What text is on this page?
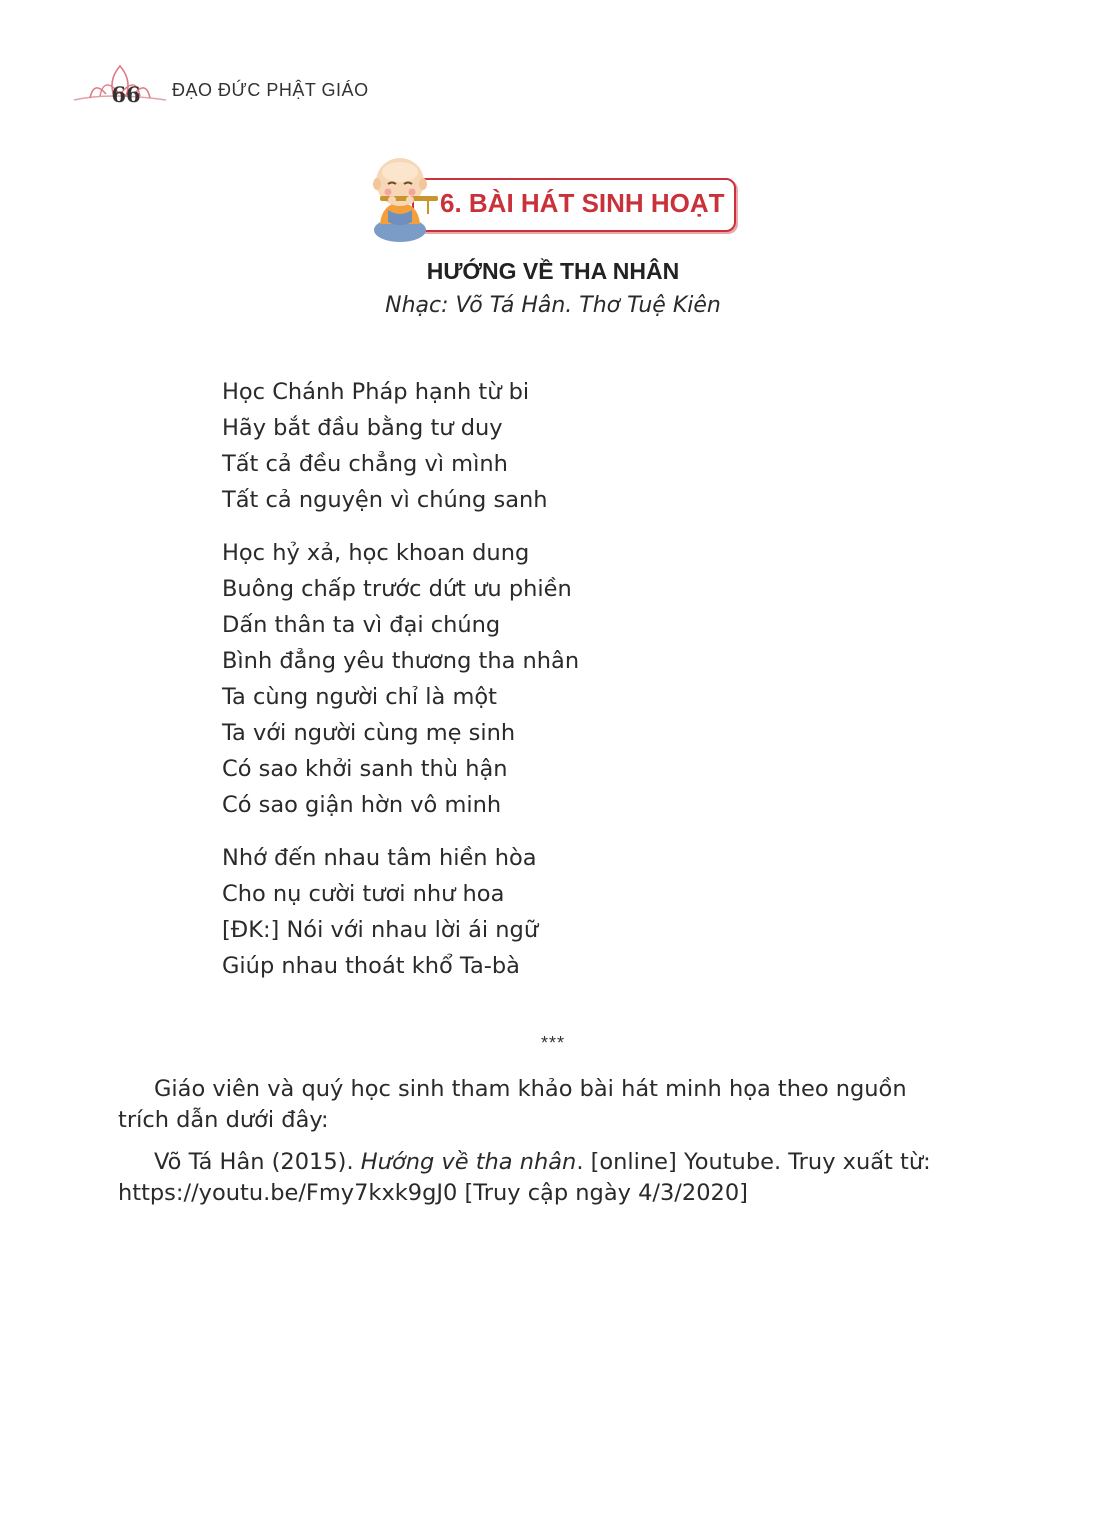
66 ĐẠO ĐỨC PHẬT GIÁO
6. BÀI HÁT SINH HOẠT
HƯỚNG VỀ THA NHÂN
Nhạc: Võ Tá Hân. Thơ Tuệ Kiên
Học Chánh Pháp hạnh từ bi
Hãy bắt đầu bằng tư duy
Tất cả đều chẳng vì mình
Tất cả nguyện vì chúng sanh
Học hỷ xả, học khoan dung
Buông chấp trước dứt ưu phiền
Dấn thân ta vì đại chúng
Bình đẳng yêu thương tha nhân
Ta cùng người chỉ là một
Ta với người cùng mẹ sinh
Có sao khởi sanh thù hận
Có sao giận hờn vô minh
Nhớ đến nhau tâm hiền hòa
Cho nụ cười tươi như hoa
[ĐK:] Nói với nhau lời ái ngữ
Giúp nhau thoát khổ Ta-bà
***
Giáo viên và quý học sinh tham khảo bài hát minh họa theo nguồn
trích dẫn dưới đây:
Võ Tá Hân (2015). Hướng về tha nhân. [online] Youtube. Truy xuất từ:
https://youtu.be/Fmy7kxk9gJ0 [Truy cập ngày 4/3/2020]
